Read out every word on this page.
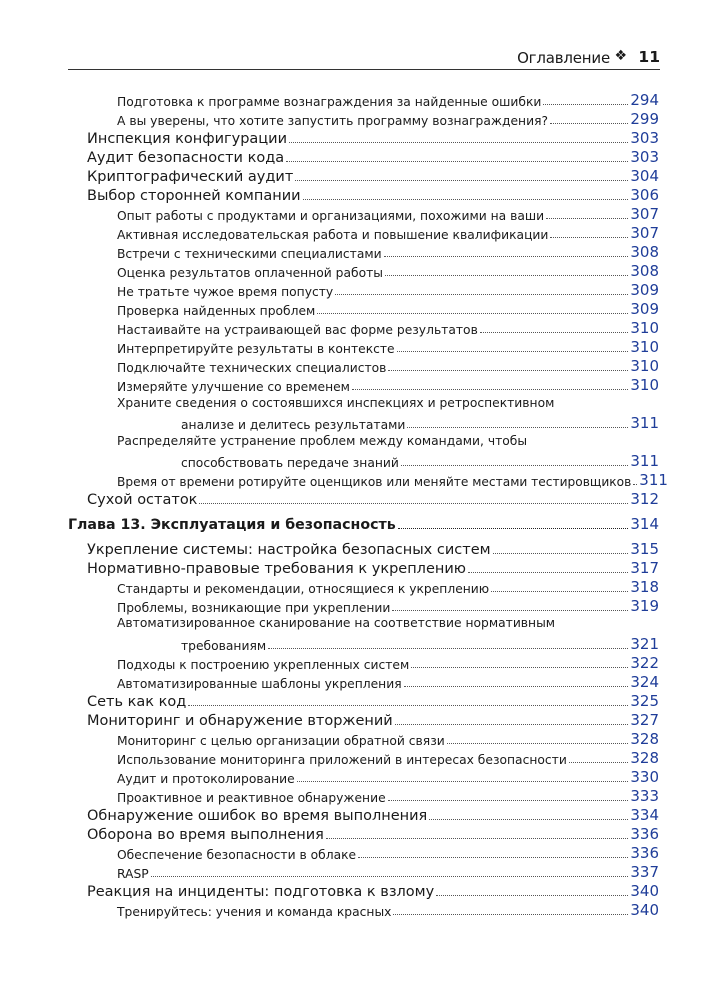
Оглавление ❖ 11
Подготовка к программе вознаграждения за найденные ошибки	294
А вы уверены, что хотите запустить программу вознаграждения?	299
Инспекция конфигурации	303
Аудит безопасности кода	303
Криптографический аудит	304
Выбор сторонней компании	306
Опыт работы с продуктами и организациями, похожими на ваши	307
Активная исследовательская работа и повышение квалификации	307
Встречи с техническими специалистами	308
Оценка результатов оплаченной работы	308
Не тратьте чужое время попусту	309
Проверка найденных проблем	309
Настаивайте на устраивающей вас форме результатов	310
Интерпретируйте результаты в контексте	310
Подключайте технических специалистов	310
Измеряйте улучшение со временем	310
Храните сведения о состоявшихся инспекциях и ретроспективном
анализе и делитесь результатами	311
Распределяйте устранение проблем между командами, чтобы
способствовать передаче знаний	311
Время от времени ротируйте оценщиков или меняйте местами тестировщиков 311
Сухой остаток	312
Глава 13. Эксплуатация и безопасность	314
Укрепление системы: настройка безопасных систем	315
Нормативно-правовые требования к укреплению	317
Стандарты и рекомендации, относящиеся к укреплению	318
Проблемы, возникающие при укреплении	319
Автоматизированное сканирование на соответствие нормативным
требованиям	321
Подходы к построению укрепленных систем	322
Автоматизированные шаблоны укрепления	324
Сеть как код	325
Мониторинг и обнаружение вторжений	327
Мониторинг с целью организации обратной связи	328
Использование мониторинга приложений в интересах безопасности	328
Аудит и протоколирование	330
Проактивное и реактивное обнаружение	333
Обнаружение ошибок во время выполнения	334
Оборона во время выполнения	336
Обеспечение безопасности в облаке	336
RASP	337
Реакция на инциденты: подготовка к взлому	340
Тренируйтесь: учения и команда красных	340
